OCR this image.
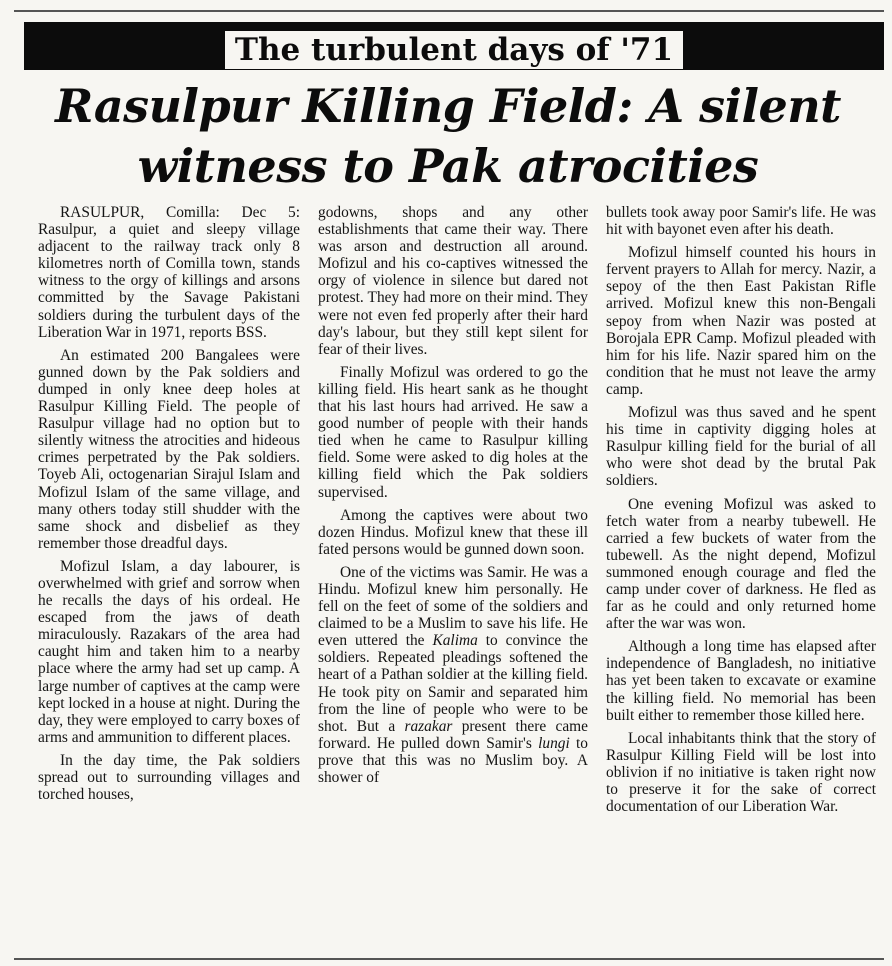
The turbulent days of '71
Rasulpur Killing Field: A silent
witness to Pak atrocities

RASULPUR, Comilla: Dec 5: Rasulpur, a quiet and sleepy village adjacent to the railway track only 8 kilometres north of Comilla town, stands witness to the orgy of killings and arsons committed by the Savage Pakistani soldiers during the turbulent days of the Liberation War in 1971, reports BSS.

An estimated 200 Bangalees were gunned down by the Pak soldiers and dumped in only knee deep holes at Rasulpur Killing Field. The people of Rasulpur village had no option but to silently witness the atrocities and hideous crimes perpetrated by the Pak soldiers. Toyeb Ali, octogenarian Sirajul Islam and Mofizul Islam of the same village, and many others today still shudder with the same shock and disbelief as they remember those dreadful days.

Mofizul Islam, a day labourer, is overwhelmed with grief and sorrow when he recalls the days of his ordeal. He escaped from the jaws of death miraculously. Razakars of the area had caught him and taken him to a nearby place where the army had set up camp. A large number of captives at the camp were kept locked in a house at night. During the day, they were employed to carry boxes of arms and ammunition to different places.

In the day time, the Pak soldiers spread out to surrounding villages and torched houses,

godowns, shops and any other establishments that came their way. There was arson and destruction all around. Mofizul and his co-captives witnessed the orgy of violence in silence but dared not protest. They had more on their mind. They were not even fed properly after their hard day's labour, but they still kept silent for fear of their lives.

Finally Mofizul was ordered to go the killing field. His heart sank as he thought that his last hours had arrived. He saw a good number of people with their hands tied when he came to Rasulpur killing field. Some were asked to dig holes at the killing field which the Pak soldiers supervised.

Among the captives were about two dozen Hindus. Mofizul knew that these ill fated persons would be gunned down soon.

One of the victims was Samir. He was a Hindu. Mofizul knew him personally. He fell on the feet of some of the soldiers and claimed to be a Muslim to save his life. He even uttered the Kalima to convince the soldiers. Repeated pleadings softened the heart of a Pathan soldier at the killing field. He took pity on Samir and separated him from the line of people who were to be shot. But a razakar present there came forward. He pulled down Samir's lungi to prove that this was no Muslim boy. A shower of

bullets took away poor Samir's life. He was hit with bayonet even after his death.

Mofizul himself counted his hours in fervent prayers to Allah for mercy. Nazir, a sepoy of the then East Pakistan Rifle arrived. Mofizul knew this non-Bengali sepoy from when Nazir was posted at Borojala EPR Camp. Mofizul pleaded with him for his life. Nazir spared him on the condition that he must not leave the army camp.

Mofizul was thus saved and he spent his time in captivity digging holes at Rasulpur killing field for the burial of all who were shot dead by the brutal Pak soldiers.

One evening Mofizul was asked to fetch water from a nearby tubewell. He carried a few buckets of water from the tubewell. As the night depend, Mofizul summoned enough courage and fled the camp under cover of darkness. He fled as far as he could and only returned home after the war was won.

Although a long time has elapsed after independence of Bangladesh, no initiative has yet been taken to excavate or examine the killing field. No memorial has been built either to remember those killed here.

Local inhabitants think that the story of Rasulpur Killing Field will be lost into oblivion if no initiative is taken right now to preserve it for the sake of correct documentation of our Liberation War.
